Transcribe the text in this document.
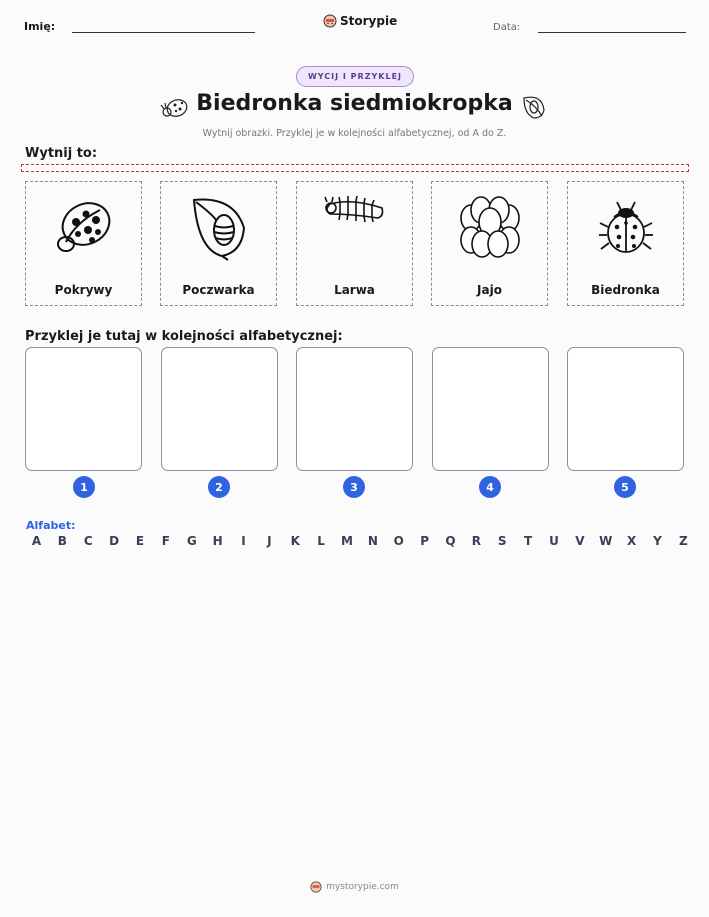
Imię:	Storypie	Data:
WYCIJ I PRZYKLEJ
Biedronka siedmiokropka
Wytnij obrazki. Przyklej je w kolejności alfabetycznej, od A do Z.
Wytnij to:
Pokrywy	Poczwarka	Larwa	Jajo	Biedronka
Przyklej je tutaj w kolejności alfabetycznej:
1	2	3	4	5
Alfabet:
A	B	C	D	E	F	G	H	I	J	K	L	M	N	O	P	Q	R	S	T	U	V	W	X	Y	Z
mystorypie.com
